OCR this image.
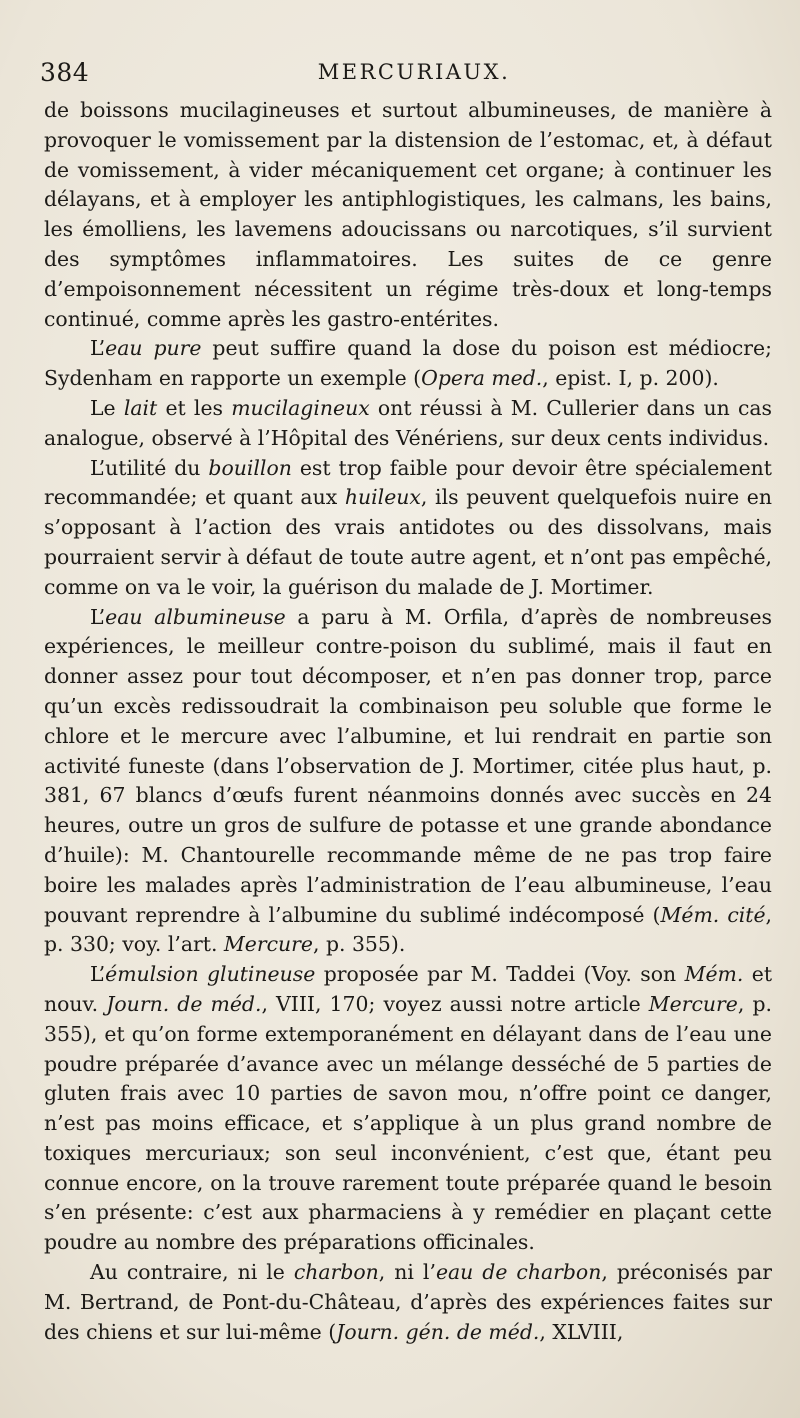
384	MERCURIAUX.

de boissons mucilagineuses et surtout albumineuses, de manière à provoquer le vomissement par la distension de l’estomac, et, à défaut de vomissement, à vider mécaniquement cet organe; à continuer les délayans, et à employer les antiphlogistiques, les calmans, les bains, les émolliens, les lavemens adoucissans ou narcotiques, s’il survient des symptômes inflammatoires. Les suites de ce genre d’empoisonnement nécessitent un régime très-doux et long-temps continué, comme après les gastro-entérites.

L’eau pure peut suffire quand la dose du poison est médiocre; Sydenham en rapporte un exemple (Opera med., epist. I, p. 200).

Le lait et les mucilagineux ont réussi à M. Cullerier dans un cas analogue, observé à l’Hôpital des Vénériens, sur deux cents individus.

L’utilité du bouillon est trop faible pour devoir être spécialement recommandée; et quant aux huileux, ils peuvent quelquefois nuire en s’opposant à l’action des vrais antidotes ou des dissolvans, mais pourraient servir à défaut de toute autre agent, et n’ont pas empêché, comme on va le voir, la guérison du malade de J. Mortimer.

L’eau albumineuse a paru à M. Orfila, d’après de nombreuses expériences, le meilleur contre-poison du sublimé, mais il faut en donner assez pour tout décomposer, et n’en pas donner trop, parce qu’un excès redissoudrait la combinaison peu soluble que forme le chlore et le mercure avec l’albumine, et lui rendrait en partie son activité funeste (dans l’observation de J. Mortimer, citée plus haut, p. 381, 67 blancs d’œufs furent néanmoins donnés avec succès en 24 heures, outre un gros de sulfure de potasse et une grande abondance d’huile): M. Chantourelle recommande même de ne pas trop faire boire les malades après l’administration de l’eau albumineuse, l’eau pouvant reprendre à l’albumine du sublimé indécomposé (Mém. cité, p. 330; voy. l’art. Mercure, p. 355).

L’émulsion glutineuse proposée par M. Taddei (Voy. son Mém. et nouv. Journ. de méd., VIII, 170; voyez aussi notre article Mercure, p. 355), et qu’on forme extemporanément en délayant dans de l’eau une poudre préparée d’avance avec un mélange desséché de 5 parties de gluten frais avec 10 parties de savon mou, n’offre point ce danger, n’est pas moins efficace, et s’applique à un plus grand nombre de toxiques mercuriaux; son seul inconvénient, c’est que, étant peu connue encore, on la trouve rarement toute préparée quand le besoin s’en présente: c’est aux pharmaciens à y remédier en plaçant cette poudre au nombre des préparations officinales.

Au contraire, ni le charbon, ni l’eau de charbon, préconisés par M. Bertrand, de Pont-du-Château, d’après des expériences faites sur des chiens et sur lui-même (Journ. gén. de méd., XLVIII,
